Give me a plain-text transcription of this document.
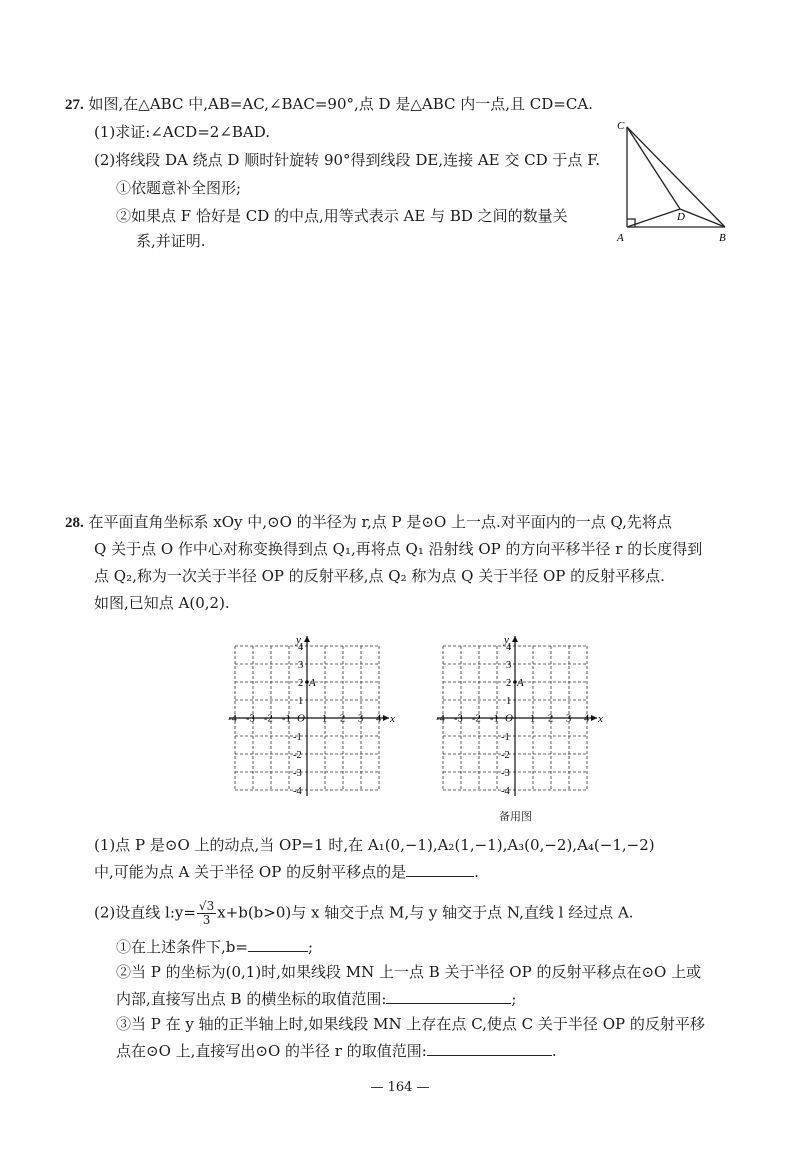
27. 如图,在△ABC 中,AB=AC,∠BAC=90°,点 D 是△ABC 内一点,且 CD=CA.
(1)求证:∠ACD=2∠BAD.
(2)将线段 DA 绕点 D 顺时针旋转 90°得到线段 DE,连接 AE 交 CD 于点 F.
①依题意补全图形;
②如果点 F 恰好是 CD 的中点,用等式表示 AE 与 BD 之间的数量关
系,并证明.
C
A	B
D
28. 在平面直角坐标系 xOy 中,⊙O 的半径为 r,点 P 是⊙O 上一点.对平面内的一点 Q,先将点
Q 关于点 O 作中心对称变换得到点 Q₁,再将点 Q₁ 沿射线 OP 的方向平移半径 r 的长度得到
点 Q₂,称为一次关于半径 OP 的反射平移,点 Q₂ 称为点 Q 关于半径 OP 的反射平移点.
如图,已知点 A(0,2).
-4 -3 -2 -1	1 2 3 4
4
3
2
1
-1
-2
-3
-4
O	x
y
A
-4 -3 -2 -1	1 2 3 4
4
3
2
1
-1
-2
-3
-4
O	x
y
A
备用图
(1)点 P 是⊙O 上的动点,当 OP=1 时,在 A₁(0,−1),A₂(1,−1),A₃(0,−2),A₄(−1,−2)
中,可能为点 A 关于半径 OP 的反射平移点的是	.
(2)设直线 l:y= $\frac{√3}{3} x+b(b>0)$与 x 轴交于点 M,与 y 轴交于点 N,直线 l 经过点 A.
①在上述条件下,b=	;
②当 P 的坐标为(0,1)时,如果线段 MN 上一点 B 关于半径 OP 的反射平移点在⊙O 上或
内部,直接写出点 B 的横坐标的取值范围:	;
③当 P 在 y 轴的正半轴上时,如果线段 MN 上存在点 C,使点 C 关于半径 OP 的反射平移
点在⊙O 上,直接写出⊙O 的半径 r 的取值范围:	.
— 164 —
